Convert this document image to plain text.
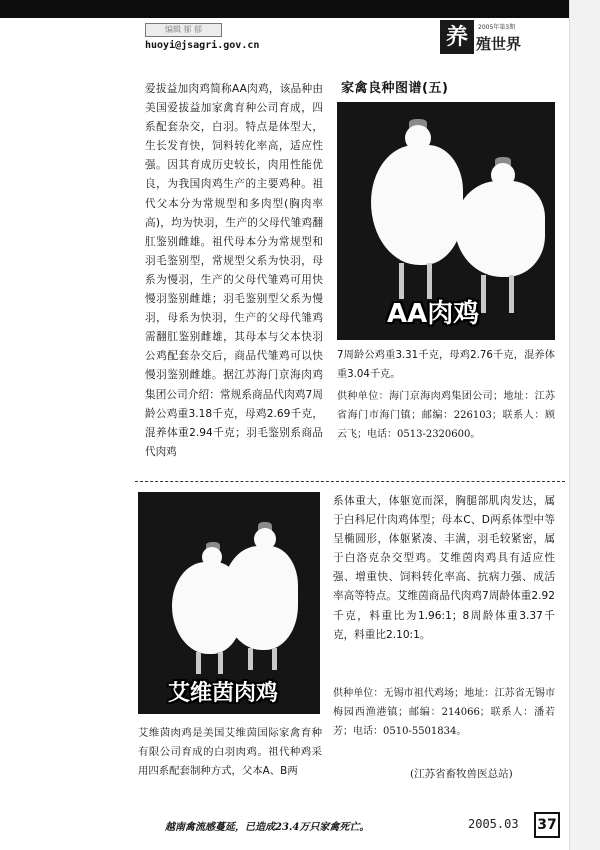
编辑 郁 郁
huoyi@jsagri.gov.cn	养	2005年第3期
殖世界

爱拔益加肉鸡简称AA肉鸡，该品种由美国爱拔益加家禽育种公司育成，四系配套杂交，白羽。特点是体型大，生长发育快，饲料转化率高，适应性强。因其育成历史较长，肉用性能优良，为我国肉鸡生产的主要鸡种。祖代父本分为常规型和多肉型(胸肉率高)，均为快羽，生产的父母代雏鸡翻肛鉴别雌雄。祖代母本分为常规型和羽毛鉴别型，常规型父系为快羽，母系为慢羽，生产的父母代雏鸡可用快慢羽鉴别雌雄；羽毛鉴别型父系为慢羽，母系为快羽，生产的父母代雏鸡需翻肛鉴别雌雄，其母本与父本快羽公鸡配套杂交后，商品代雏鸡可以快慢羽鉴别雌雄。据江苏海门京海肉鸡集团公司介绍：常规系商品代肉鸡7周龄公鸡重3.18千克，母鸡2.69千克，混养体重2.94千克；羽毛鉴别系商品代肉鸡

家禽良种图谱(五)
AA肉鸡

7周龄公鸡重3.31千克，母鸡2.76千克，混养体重3.04千克。

供种单位：海门京海肉鸡集团公司；地址：江苏省海门市海门镇；邮编：226103；联系人：顾云飞；电话：0513-2320600。

艾维茵肉鸡

系体重大，体躯宽而深，胸腿部肌肉发达，属于白科尼什肉鸡体型；母本C、D两系体型中等呈椭圆形，体躯紧凑、丰满，羽毛较紧密，属于白洛克杂交型鸡。艾维茵肉鸡具有适应性强、增重快、饲料转化率高、抗病力强、成活率高等特点。艾维茵商品代肉鸡7周龄体重2.92千克，料重比为1.96:1；8周龄体重3.37千克，料重比2.10:1。

供种单位：无锡市祖代鸡场；地址：江苏省无锡市梅园西渔港镇；邮编：214066；联系人：潘若芳；电话：0510-5501834。

艾维茵肉鸡是美国艾维茵国际家禽育种有限公司育成的白羽肉鸡。祖代种鸡采用四系配套制种方式，父本A、B两	(江苏省畜牧兽医总站)
越南禽流感蔓延，已造成23.4万只家禽死亡。	2005.03 37
